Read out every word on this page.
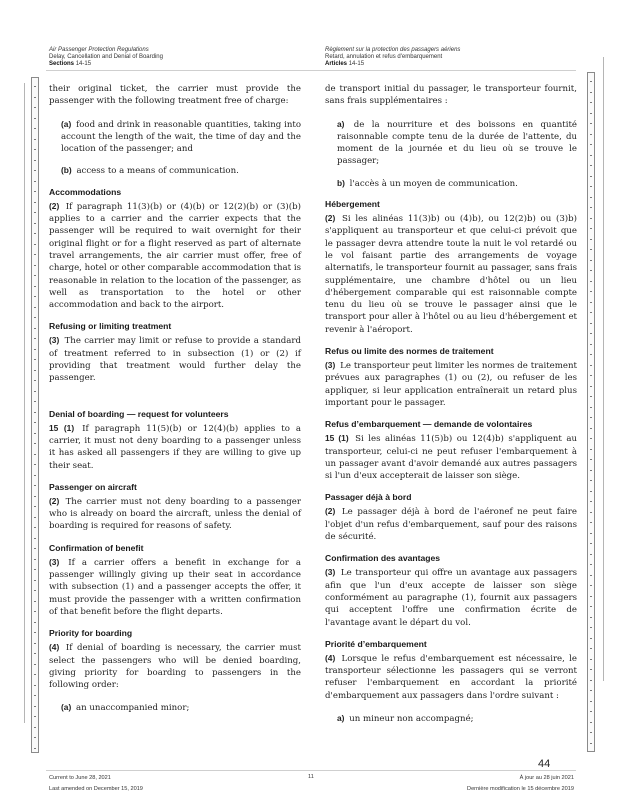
Air Passenger Protection Regulations
Delay, Cancellation and Denial of Boarding
Sections 14-15
Règlement sur la protection des passagers aériens
Retard, annulation et refus d'embarquement
Articles 14-15
their original ticket, the carrier must provide the passenger with the following treatment free of charge:
(a) food and drink in reasonable quantities, taking into account the length of the wait, the time of day and the location of the passenger; and
(b) access to a means of communication.
Accommodations
(2) If paragraph 11(3)(b) or (4)(b) or 12(2)(b) or (3)(b) applies to a carrier and the carrier expects that the passenger will be required to wait overnight for their original flight or for a flight reserved as part of alternate travel arrangements, the air carrier must offer, free of charge, hotel or other comparable accommodation that is reasonable in relation to the location of the passenger, as well as transportation to the hotel or other accommodation and back to the airport.
Refusing or limiting treatment
(3) The carrier may limit or refuse to provide a standard of treatment referred to in subsection (1) or (2) if providing that treatment would further delay the passenger.
Denial of boarding — request for volunteers
15 (1) If paragraph 11(5)(b) or 12(4)(b) applies to a carrier, it must not deny boarding to a passenger unless it has asked all passengers if they are willing to give up their seat.
Passenger on aircraft
(2) The carrier must not deny boarding to a passenger who is already on board the aircraft, unless the denial of boarding is required for reasons of safety.
Confirmation of benefit
(3) If a carrier offers a benefit in exchange for a passenger willingly giving up their seat in accordance with subsection (1) and a passenger accepts the offer, it must provide the passenger with a written confirmation of that benefit before the flight departs.
Priority for boarding
(4) If denial of boarding is necessary, the carrier must select the passengers who will be denied boarding, giving priority for boarding to passengers in the following order:
(a) an unaccompanied minor;
de transport initial du passager, le transporteur fournit, sans frais supplémentaires :
a) de la nourriture et des boissons en quantité raisonnable compte tenu de la durée de l'attente, du moment de la journée et du lieu où se trouve le passager;
b) l'accès à un moyen de communication.
Hébergement
(2) Si les alinéas 11(3)b) ou (4)b), ou 12(2)b) ou (3)b) s'appliquent au transporteur et que celui-ci prévoit que le passager devra attendre toute la nuit le vol retardé ou le vol faisant partie des arrangements de voyage alternatifs, le transporteur fournit au passager, sans frais supplémentaire, une chambre d'hôtel ou un lieu d'hébergement comparable qui est raisonnable compte tenu du lieu où se trouve le passager ainsi que le transport pour aller à l'hôtel ou au lieu d'hébergement et revenir à l'aéroport.
Refus ou limite des normes de traitement
(3) Le transporteur peut limiter les normes de traitement prévues aux paragraphes (1) ou (2), ou refuser de les appliquer, si leur application entraînerait un retard plus important pour le passager.
Refus d’embarquement — demande de volontaires
15 (1) Si les alinéas 11(5)b) ou 12(4)b) s'appliquent au transporteur, celui-ci ne peut refuser l'embarquement à un passager avant d'avoir demandé aux autres passagers si l'un d'eux accepterait de laisser son siège.
Passager déjà à bord
(2) Le passager déjà à bord de l'aéronef ne peut faire l'objet d'un refus d'embarquement, sauf pour des raisons de sécurité.
Confirmation des avantages
(3) Le transporteur qui offre un avantage aux passagers afin que l'un d'eux accepte de laisser son siège conformément au paragraphe (1), fournit aux passagers qui acceptent l'offre une confirmation écrite de l'avantage avant le départ du vol.
Priorité d’embarquement
(4) Lorsque le refus d'embarquement est nécessaire, le transporteur sélectionne les passagers qui se verront refuser l'embarquement en accordant la priorité d'embarquement aux passagers dans l'ordre suivant :
a) un mineur non accompagné;
44
Current to June 28, 2021
Last amended on December 15, 2019
11	À jour au 28 juin 2021
Dernière modification le 15 décembre 2019
